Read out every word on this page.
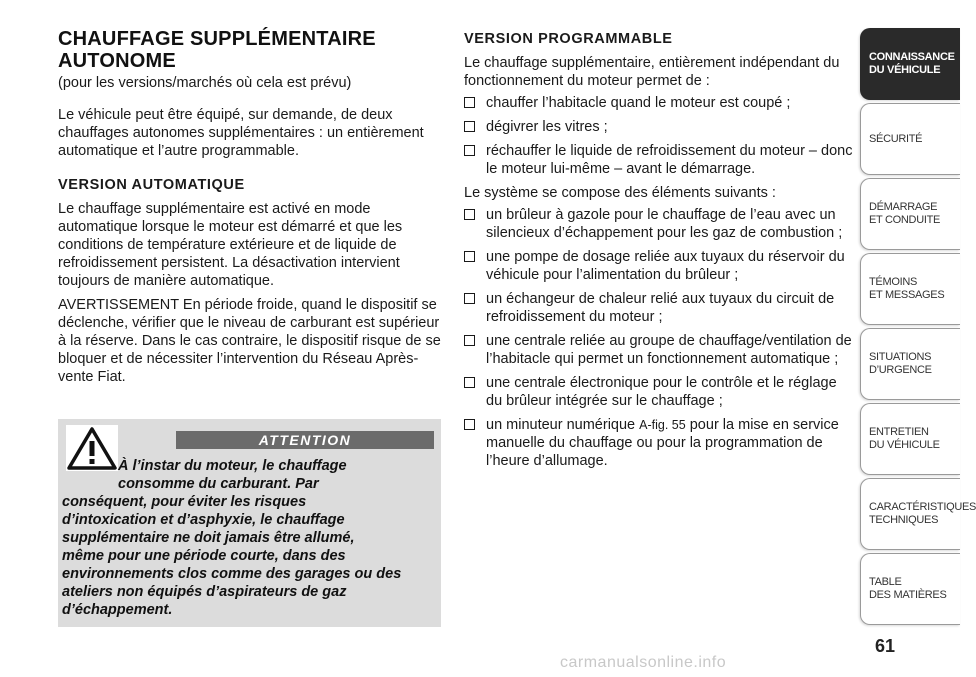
CHAUFFAGE SUPPLÉMENTAIRE
AUTONOME
(pour les versions/marchés où cela est prévu)
Le véhicule peut être équipé, sur demande, de deux chauffages autonomes supplémentaires : un entièrement automatique et l’autre programmable.
VERSION AUTOMATIQUE
Le chauffage supplémentaire est activé en mode automatique lorsque le moteur est démarré et que les conditions de température extérieure et de liquide de refroidissement persistent. La désactivation intervient toujours de manière automatique.
AVERTISSEMENT En période froide, quand le dispositif se déclenche, vérifier que le niveau de carburant est supérieur à la réserve. Dans le cas contraire, le dispositif risque de se bloquer et de nécessiter l’intervention du Réseau Après-vente Fiat.
ATTENTION
À l’instar du moteur, le chauffage
consomme du carburant. Par
conséquent, pour éviter les risques
d’intoxication et d’asphyxie, le chauffage
supplémentaire ne doit jamais être allumé,
même pour une période courte, dans des
environnements clos comme des garages ou des
ateliers non équipés d’aspirateurs de gaz
d’échappement.
VERSION PROGRAMMABLE
Le chauffage supplémentaire, entièrement indépendant du fonctionnement du moteur permet de :
chauffer l’habitacle quand le moteur est coupé ;
dégivrer les vitres ;
réchauffer le liquide de refroidissement du moteur – donc le moteur lui-même – avant le démarrage.
Le système se compose des éléments suivants :
un brûleur à gazole pour le chauffage de l’eau avec un silencieux d’échappement pour les gaz de combustion ;
une pompe de dosage reliée aux tuyaux du réservoir du véhicule pour l’alimentation du brûleur ;
un échangeur de chaleur relié aux tuyaux du circuit de refroidissement du moteur ;
une centrale reliée au groupe de chauffage/ventilation de l’habitacle qui permet un fonctionnement automatique ;
une centrale électronique pour le contrôle et le réglage du brûleur intégrée sur le chauffage ;
un minuteur numérique A-fig. 55 pour la mise en service manuelle du chauffage ou pour la programmation de l’heure d’allumage.
CONNAISSANCE
DU VÉHICULE
SÉCURITÉ
DÉMARRAGE
ET CONDUITE
TÉMOINS
ET MESSAGES
SITUATIONS
D’URGENCE
ENTRETIEN
DU VÉHICULE
CARACTÉRISTIQUES
TECHNIQUES
TABLE
DES MATIÈRES
61
carmanualsonline.info
